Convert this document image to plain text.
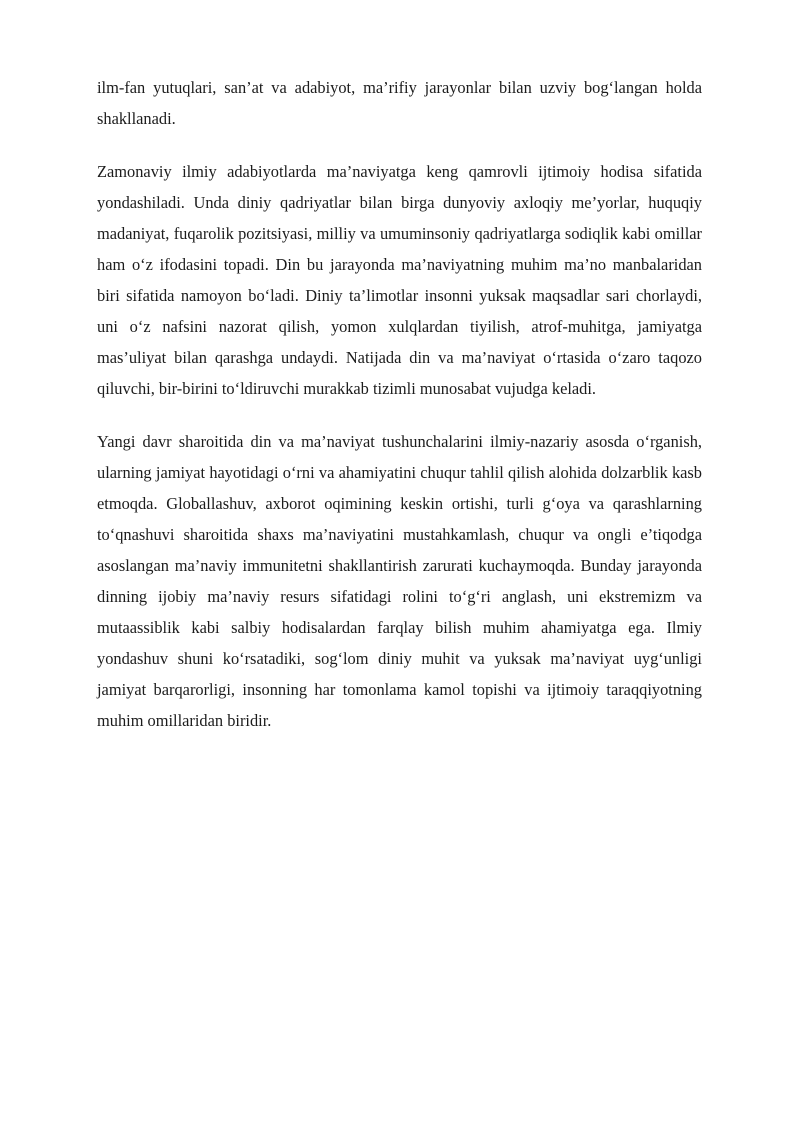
ilm-fan yutuqlari, san’at va adabiyot, ma’rifiy jarayonlar bilan uzviy bog‘langan holda shakllanadi.

Zamonaviy ilmiy adabiyotlarda ma’naviyatga keng qamrovli ijtimoiy hodisa sifatida yondashiladi. Unda diniy qadriyatlar bilan birga dunyoviy axloqiy me’yorlar, huquqiy madaniyat, fuqarolik pozitsiyasi, milliy va umuminsoniy qadriyatlarga sodiqlik kabi omillar ham o‘z ifodasini topadi. Din bu jarayonda ma’naviyatning muhim ma’no manbalaridan biri sifatida namoyon bo‘ladi. Diniy ta’limotlar insonni yuksak maqsadlar sari chorlaydi, uni o‘z nafsini nazorat qilish, yomon xulqlardan tiyilish, atrof-muhitga, jamiyatga mas’uliyat bilan qarashga undaydi. Natijada din va ma’naviyat o‘rtasida o‘zaro taqozo qiluvchi, bir-birini to‘ldiruvchi murakkab tizimli munosabat vujudga keladi.

Yangi davr sharoitida din va ma’naviyat tushunchalarini ilmiy-nazariy asosda o‘rganish, ularning jamiyat hayotidagi o‘rni va ahamiyatini chuqur tahlil qilish alohida dolzarblik kasb etmoqda. Globallashuv, axborot oqimining keskin ortishi, turli g‘oya va qarashlarning to‘qnashuvi sharoitida shaxs ma’naviyatini mustahkamlash, chuqur va ongli e’tiqodga asoslangan ma’naviy immunitetni shakllantirish zarurati kuchaymoqda. Bunday jarayonda dinning ijobiy ma’naviy resurs sifatidagi rolini to‘g‘ri anglash, uni ekstremizm va mutaassiblik kabi salbiy hodisalardan farqlay bilish muhim ahamiyatga ega. Ilmiy yondashuv shuni ko‘rsatadiki, sog‘lom diniy muhit va yuksak ma’naviyat uyg‘unligi jamiyat barqarorligi, insonning har tomonlama kamol topishi va ijtimoiy taraqqiyotning muhim omillaridan biridir.
